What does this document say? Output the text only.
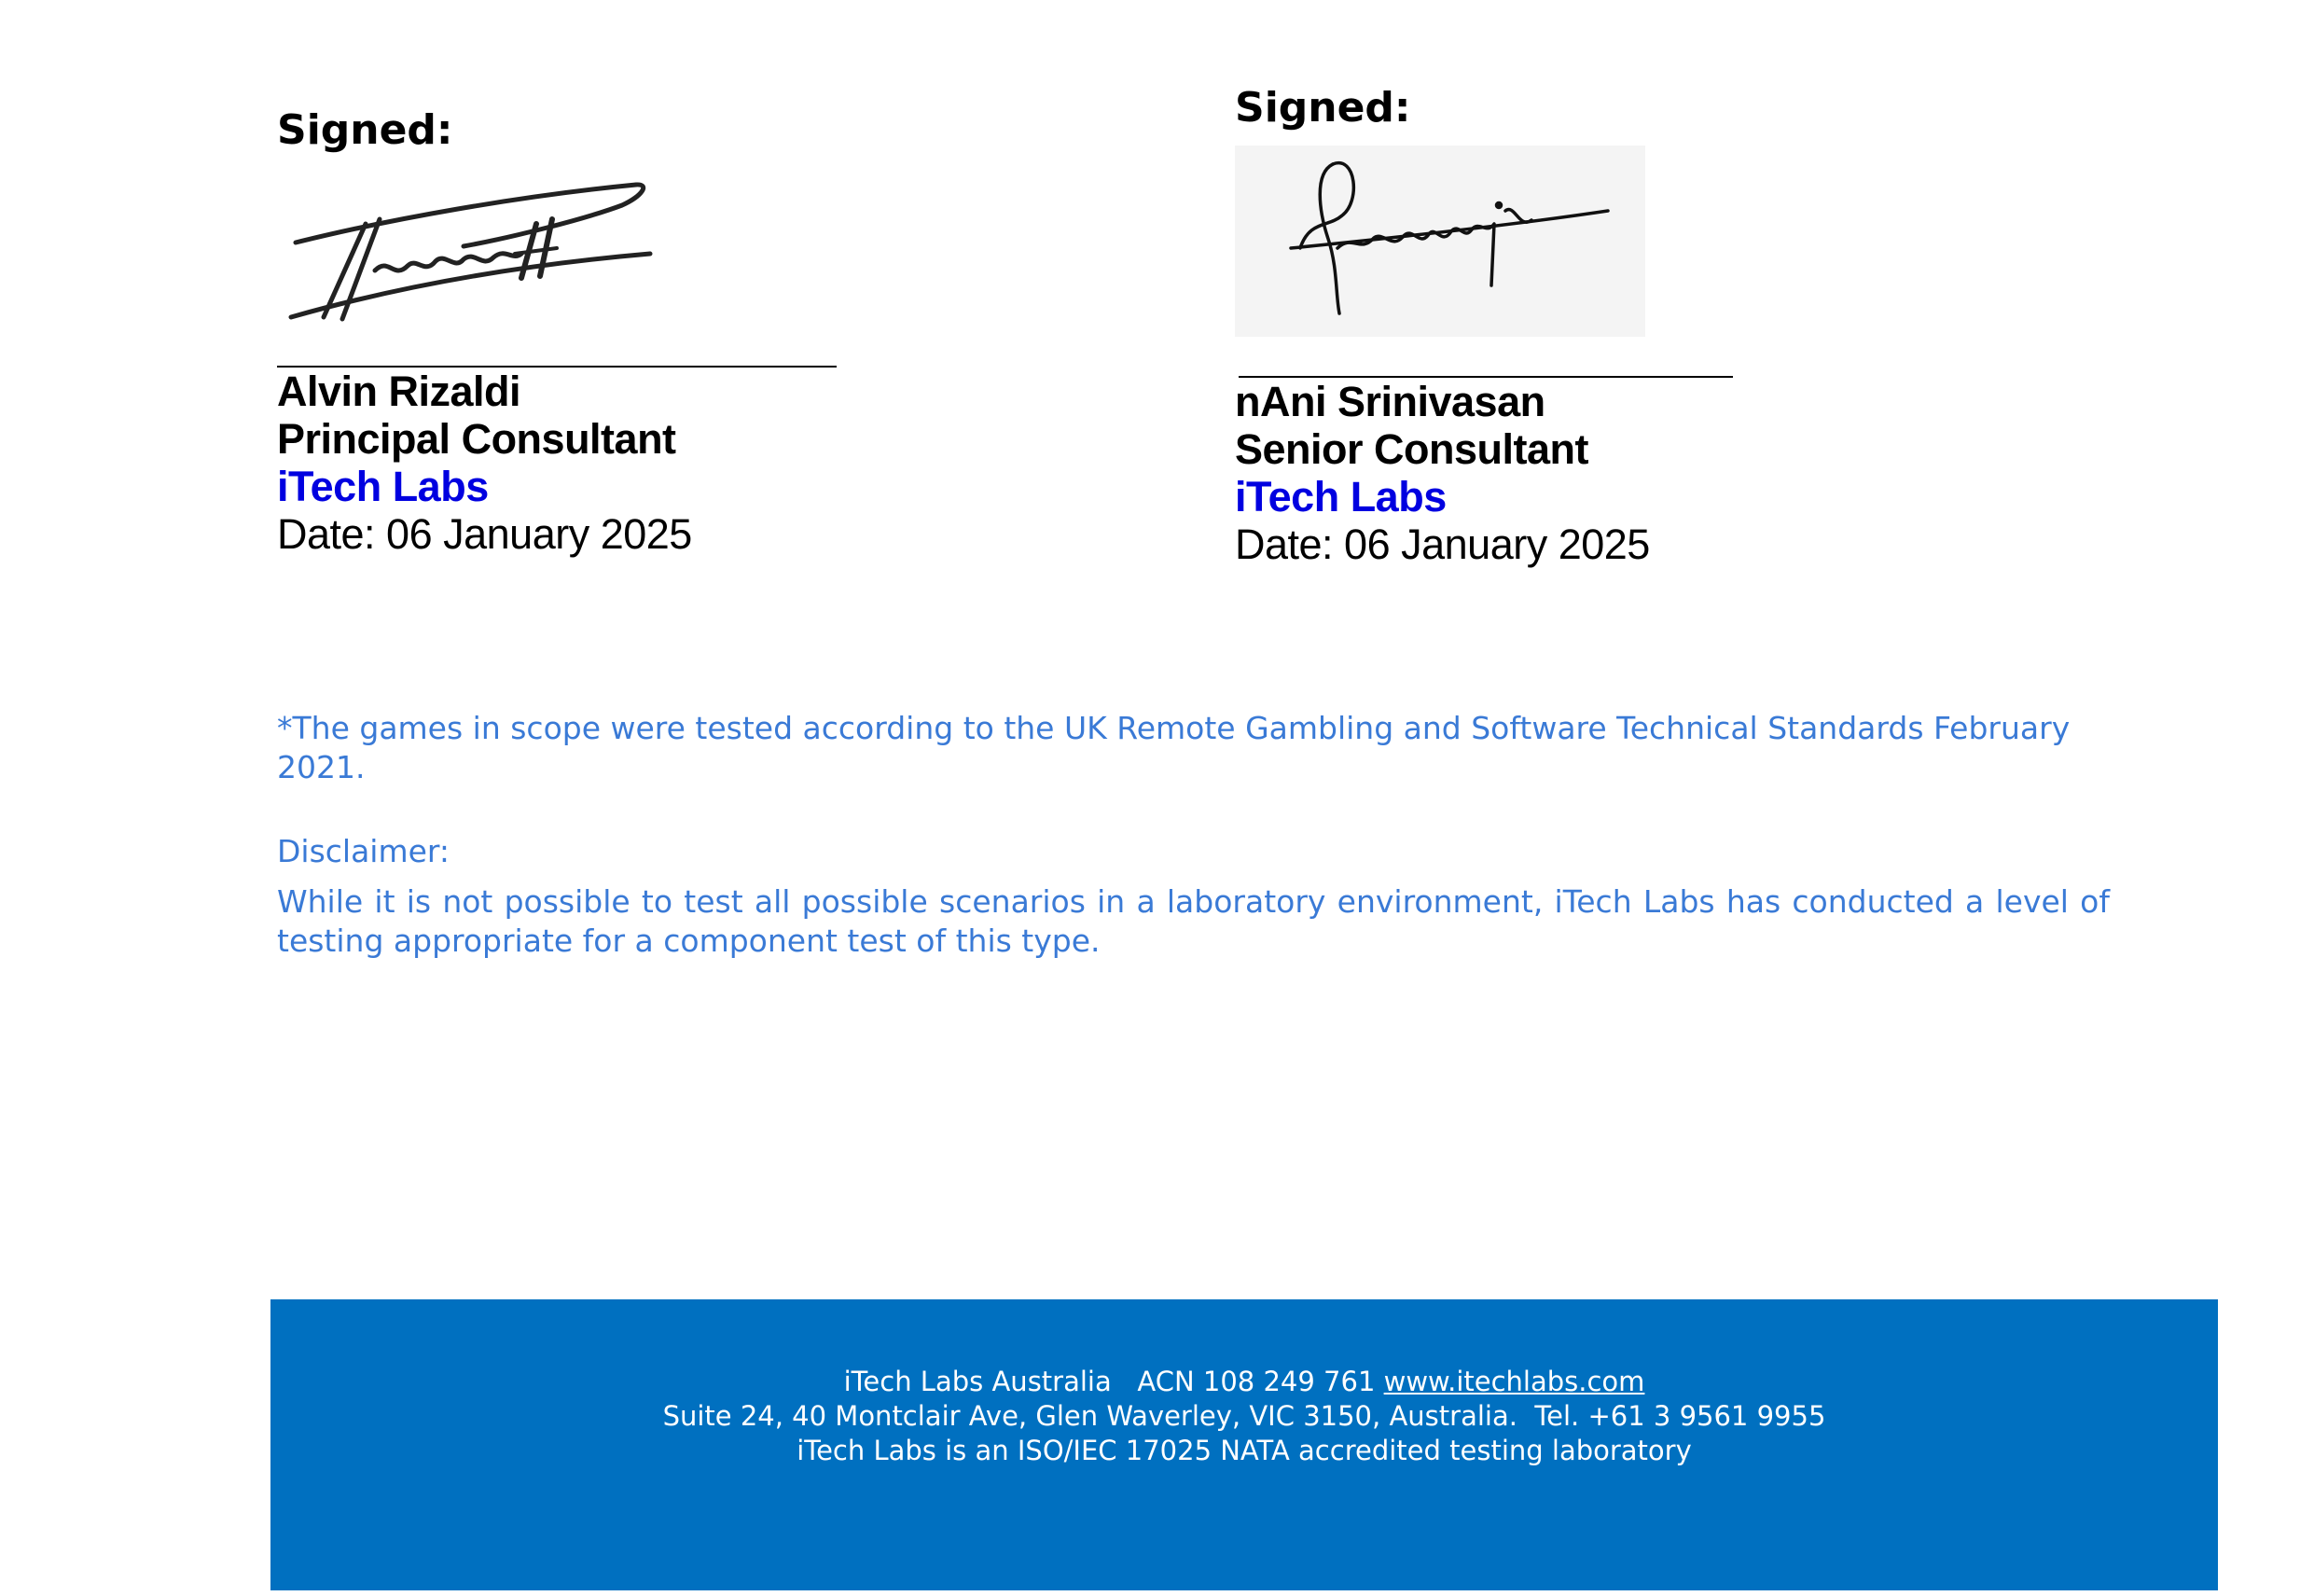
Signed:

Alvin Rizaldi
Principal Consultant
iTech Labs
Date: 06 January 2025

Signed:

nAni Srinivasan
Senior Consultant
iTech Labs
Date: 06 January 2025

*The games in scope were tested according to the UK Remote Gambling and Software Technical Standards February 2021.

Disclaimer:

While it is not possible to test all possible scenarios in a laboratory environment, iTech Labs has conducted a level of testing appropriate for a component test of this type.

iTech Labs Australia ACN 108 249 761 www.itechlabs.com
Suite 24, 40 Montclair Ave, Glen Waverley, VIC 3150, Australia.  Tel. +61 3 9561 9955
iTech Labs is an ISO/IEC 17025 NATA accredited testing laboratory
